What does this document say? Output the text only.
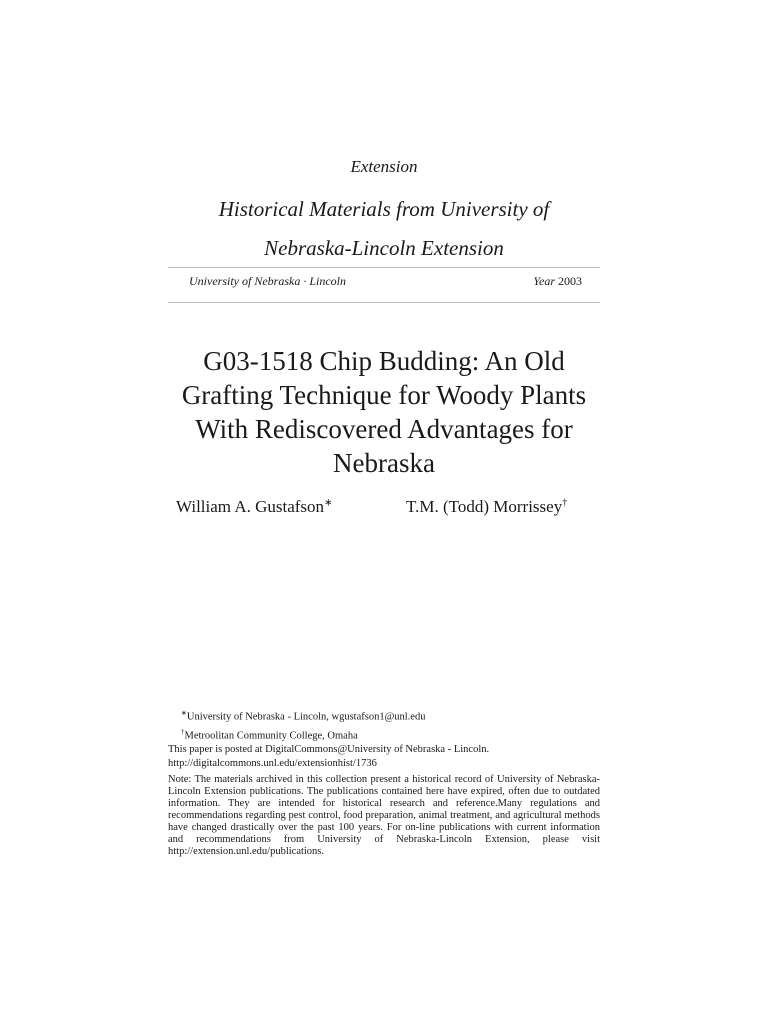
Extension
Historical Materials from University of
Nebraska-Lincoln Extension
University of Nebraska · Lincoln	Year 2003
G03-1518 Chip Budding: An Old Grafting Technique for Woody Plants With Rediscovered Advantages for Nebraska
William A. Gustafson∗	T.M. (Todd) Morrissey†
∗University of Nebraska - Lincoln, wgustafson1@unl.edu
†Metroolitan Community College, Omaha
This paper is posted at DigitalCommons@University of Nebraska - Lincoln.
http://digitalcommons.unl.edu/extensionhist/1736
Note: The materials archived in this collection present a historical record of University of Nebraska-Lincoln Extension publications. The publications contained here have expired, often due to outdated information. They are intended for historical research and reference.Many regulations and recommendations regarding pest control, food preparation, animal treatment, and agricultural methods have changed drastically over the past 100 years. For on-line publications with current information and recommendations from University of Nebraska-Lincoln Extension, please visit http://extension.unl.edu/publications.
